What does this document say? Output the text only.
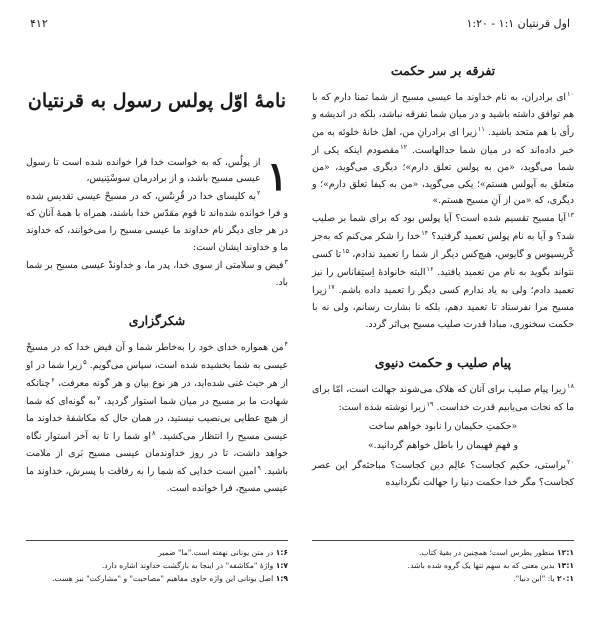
اول قرنتیان ۱:۱ - ۱:۲۰
۴۱۲
تفرقه بر سر حکمت

$^{۱۰}$ای برادران، به نام خداوند ما عیسی مسیح از شما تمنا دارم که با هم توافق داشته باشید و در میان شما تفرقه نباشد، بلکه در اندیشه و رأی با هم متحد باشید. $^{۱۱}$زیرا ای برادرانِ من، اهل خانهٔ خلوئه به من خبر داده‌اند که در میان شما جدالهاست. $^{۱۲}$مقصودم اینکه یکی از شما می‌گوید، «من به پولس تعلق دارم»؛ دیگری می‌گوید، «من متعلق به آپولس هستم»؛ یکی می‌گوید، «من به کیفا تعلق دارم»؛ و دیگری، که «من از آنِ مسیح هستم.»

$^{۱۳}$آیا مسیح تقسیم شده است؟ آیا پولس بود که برای شما بر صلیب شد؟ و آیا به نام پولس تعمید گرفتید؟ $^{۱۴}$خدا را شکر می‌کنم که به‌جز کْریسپوس و گایوس، هیچ‌کس دیگر از شما را تعمید ندادم، $^{۱۵}$تا کسی نتواند بگوید به نام من تعمید یافتید. $^{۱۶}$البته خانوادهٔ اِستِفاناس را نیز تعمید دادم؛ ولی به یاد ندارم کسی دیگر را تعمید داده باشم. $^{۱۷}$زیرا مسیح مرا نفرستاد تا تعمید دهم، بلکه تا بشارت رسانم، ولی نه با حکمت سخنوری، مبادا قدرت صلیب مسیح بی‌اثر گردد.

پیام صلیب و حکمت دنیوی

$^{۱۸}$زیرا پیام صلیب برای آنان که هلاک می‌شوند جهالت است، امّا برای ما که نجات می‌یابیم قدرت خداست. $^{۱۹}$زیرا نوشته شده است:

«حکمتِ حکیمان را نابود خواهم ساخت

و فهمِ فهیمان را باطل خواهم گردانید.»

$^{۲۰}$براستی، حکیم کجاست؟ عالِم دین کجاست؟ مباحثه‌گر این عصر کجاست؟ مگر خدا حکمت دنیا را جهالت نگردانیده

نامهٔ اوّل پولس رسول به قرنتیان

۱
از پولُس، که به خواست خدا فرا خوانده شده است تا رسول عیسی مسیح باشد، و از برادرمان سوسْتِنیس،

$^۲$به کلیسای خدا در قُرِنتُس، که در مسیحْ عیسی تقدیس شده و فرا خوانده شده‌اند تا قوم مقدّس خدا باشند، همراه با همهٔ آنان که در هر جای دیگر نام خداوند ما عیسی مسیح را می‌خوانند، که خداوند ما و خداوند ایشان است:

$^۳$فیض و سلامتی از سوی خدا، پدر ما، و خداوندْ عیسی مسیح بر شما باد.

شکرگزاری

$^۴$من همواره خدای خود را به‌خاطر شما و آن فیض خدا که در مسیحْ عیسی به شما بخشیده شده است، سپاس می‌گویم. $^۵$زیرا شما در او از هر حیث غنی شده‌اید، در هر نوع بیان و هر گونه معرفت، $^۶$چنانکه شهادت ما بر مسیح در میان شما استوار گردید، $^۷$به گونه‌ای که شما از هیچ عطایی بی‌نصیب نیستید، در همان حال که مکاشفهٔ خداوند ما عیسی مسیح را انتظار می‌کشید. $^۸$او شما را تا به آخر استوار نگاه خواهد داشت، تا در روز خداوندمان عیسی مسیح بَری از ملامت باشید. $^۹$امین است خدایی که شما را به رفاقت با پسرش، خداوند ما عیسی مسیح، فرا خوانده است.

۱۲:۱ منظور پطرس است؛ همچنین در بقیهٔ کتاب.
۱۳:۱ بدین معنی که به سهم تنها یک گروه شده باشد.
۲۰:۱ یا: "این دنیا".
۱:۶ در متن یونانی نهفته است."ما" ضمیر
۱:۷ واژهٔ "مکاشفه" در اینجا به بازگشت خداوند اشاره دارد.
۱:۹ اصل یونانی این واژه حاوی مفاهیم "مصاحبت" و "مشارکت" نیز هست.
